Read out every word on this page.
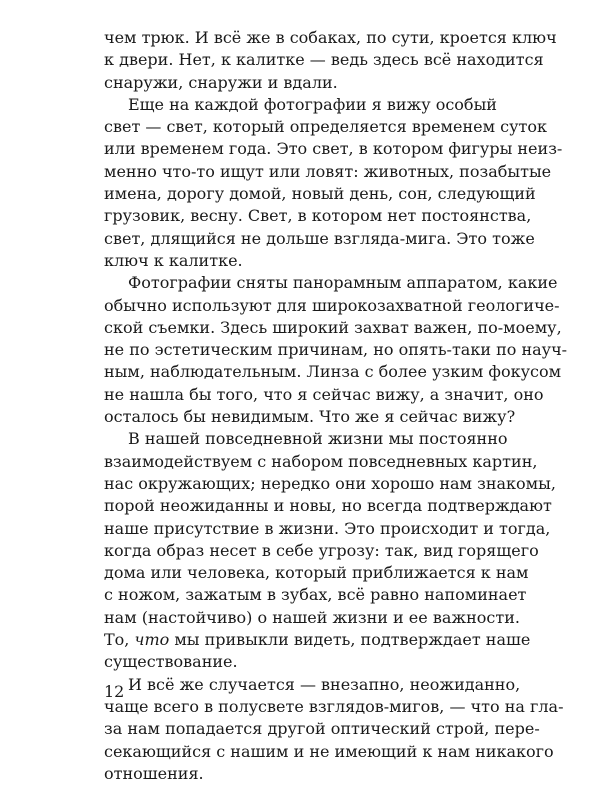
чем трюк. И всё же в собаках, по сути, кроется ключ
к двери. Нет, к калитке — ведь здесь всё находится
снаружи, снаружи и вдали.

Еще на каждой фотографии я вижу особый
свет — свет, который определяется временем суток
или временем года. Это свет, в котором фигуры неиз-
менно что-то ищут или ловят: животных, позабытые
имена, дорогу домой, новый день, сон, следующий
грузовик, весну. Свет, в котором нет постоянства,
свет, длящийся не дольше взгляда-мига. Это тоже
ключ к калитке.

Фотографии сняты панорамным аппаратом, какие
обычно используют для широкозахватной геологиче-
ской съемки. Здесь широкий захват важен, по-моему,
не по эстетическим причинам, но опять-таки по науч-
ным, наблюдательным. Линза с более узким фокусом
не нашла бы того, что я сейчас вижу, а значит, оно
осталось бы невидимым. Что же я сейчас вижу?

В нашей повседневной жизни мы постоянно
взаимодействуем с набором повседневных картин,
нас окружающих; нередко они хорошо нам знакомы,
порой неожиданны и новы, но всегда подтверждают
наше присутствие в жизни. Это происходит и тогда,
когда образ несет в себе угрозу: так, вид горящего
дома или человека, который приближается к нам
с ножом, зажатым в зубах, всё равно напоминает
нам (настойчиво) о нашей жизни и ее важности.
То, что мы привыкли видеть, подтверждает наше
существование.

И всё же случается — внезапно, неожиданно,
чаще всего в полусвете взглядов-мигов, — что на гла-
за нам попадается другой оптический строй, пере-
секающийся с нашим и не имеющий к нам никакого
отношения.

12
